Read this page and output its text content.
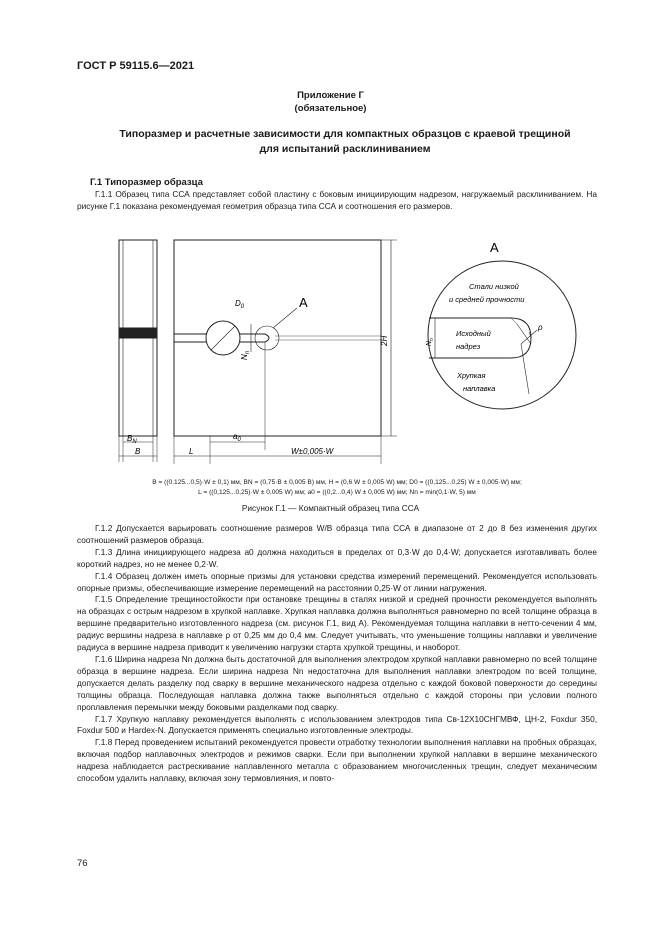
ГОСТ Р 59115.6—2021
Приложение Г
(обязательное)
Типоразмер и расчетные зависимости для компактных образцов с краевой трещиной
для испытаний расклиниванием
Г.1 Типоразмер образца

Г.1.1 Образец типа ССА представляет собой пластину с боковым инициирующим надрезом, нагружаемый расклиниванием. На рисунке Г.1 показана рекомендуемая геометрия образца типа ССА и соотношения его размеров.

$B_N$
B
$D_0$	A
$N_n$
2H
$a_0$
L	W±0,005·W
A
Стали низкой
и средней прочности
Исходный
надрез
Хрупкая
наплавка
ρ
$N_n$
B = ((0.125...0,5)·W ± 0,1) мм, BN = (0,75·B ± 0,005 B) мм, H = (0,6 W ± 0,005·W) мм; D0 = ((0,125...0,25) W ± 0,005·W) мм;
L = ((0,125...0,25)·W ± 0,005 W) мм; a0 = ((0,2...0,4) W ± 0,005 W) мм; Nn = min(0,1·W, 5) мм
Рисунок Г.1 — Компактный образец типа ССА

Г.1.2 Допускается варьировать соотношение размеров W/B образца типа ССА в диапазоне от 2 до 8 без изменения других соотношений размеров образца.

Г.1.3 Длина инициирующего надреза a0 должна находиться в пределах от 0,3·W до 0,4·W; допускается изготавливать более короткий надрез, но не менее 0,2·W.

Г.1.4 Образец должен иметь опорные призмы для установки средства измерений перемещений. Рекомендуется использовать опорные призмы, обеспечивающие измерение перемещений на расстоянии 0,25·W от линии нагружения.

Г.1.5 Определение трещиностойкости при остановке трещины в сталях низкой и средней прочности рекомендуется выполнять на образцах с острым надрезом в хрупкой наплавке. Хрупкая наплавка должна выполняться равномерно по всей толщине образца в вершине предварительно изготовленного надреза (см. рисунок Г.1, вид А). Рекомендуемая толщина наплавки в нетто-сечении 4 мм, радиус вершины надреза в наплавке ρ от 0,25 мм до 0,4 мм. Следует учитывать, что уменьшение толщины наплавки и увеличение радиуса в вершине надреза приводит к увеличению нагрузки старта хрупкой трещины, и наоборот.

Г.1.6 Ширина надреза Nn должна быть достаточной для выполнения электродом хрупкой наплавки равномерно по всей толщине образца в вершине надреза. Если ширина надреза Nn недостаточна для выполнения наплавки электродом по всей толщине, допускается делать разделку под сварку в вершине механического надреза отдельно с каждой боковой поверхности до середины толщины образца. Последующая наплавка должна также выполняться отдельно с каждой стороны при условии полного проплавления перемычки между боковыми разделками под сварку.

Г.1.7 Хрупкую наплавку рекомендуется выполнять с использованием электродов типа Св-12Х10СНГМВФ, ЦН-2, Foxdur 350, Foxdur 500 и Hardex-N. Допускается применять специально изготовленные электроды.

Г.1.8 Перед проведением испытаний рекомендуется провести отработку технологии выполнения наплавки на пробных образцах, включая подбор наплавочных электродов и режимов сварки. Если при выполнении хрупкой наплавки в вершине механического надреза наблюдается растрескивание наплавленного металла с образованием многочисленных трещин, следует механическим способом удалить наплавку, включая зону термовлияния, и повто-

76
